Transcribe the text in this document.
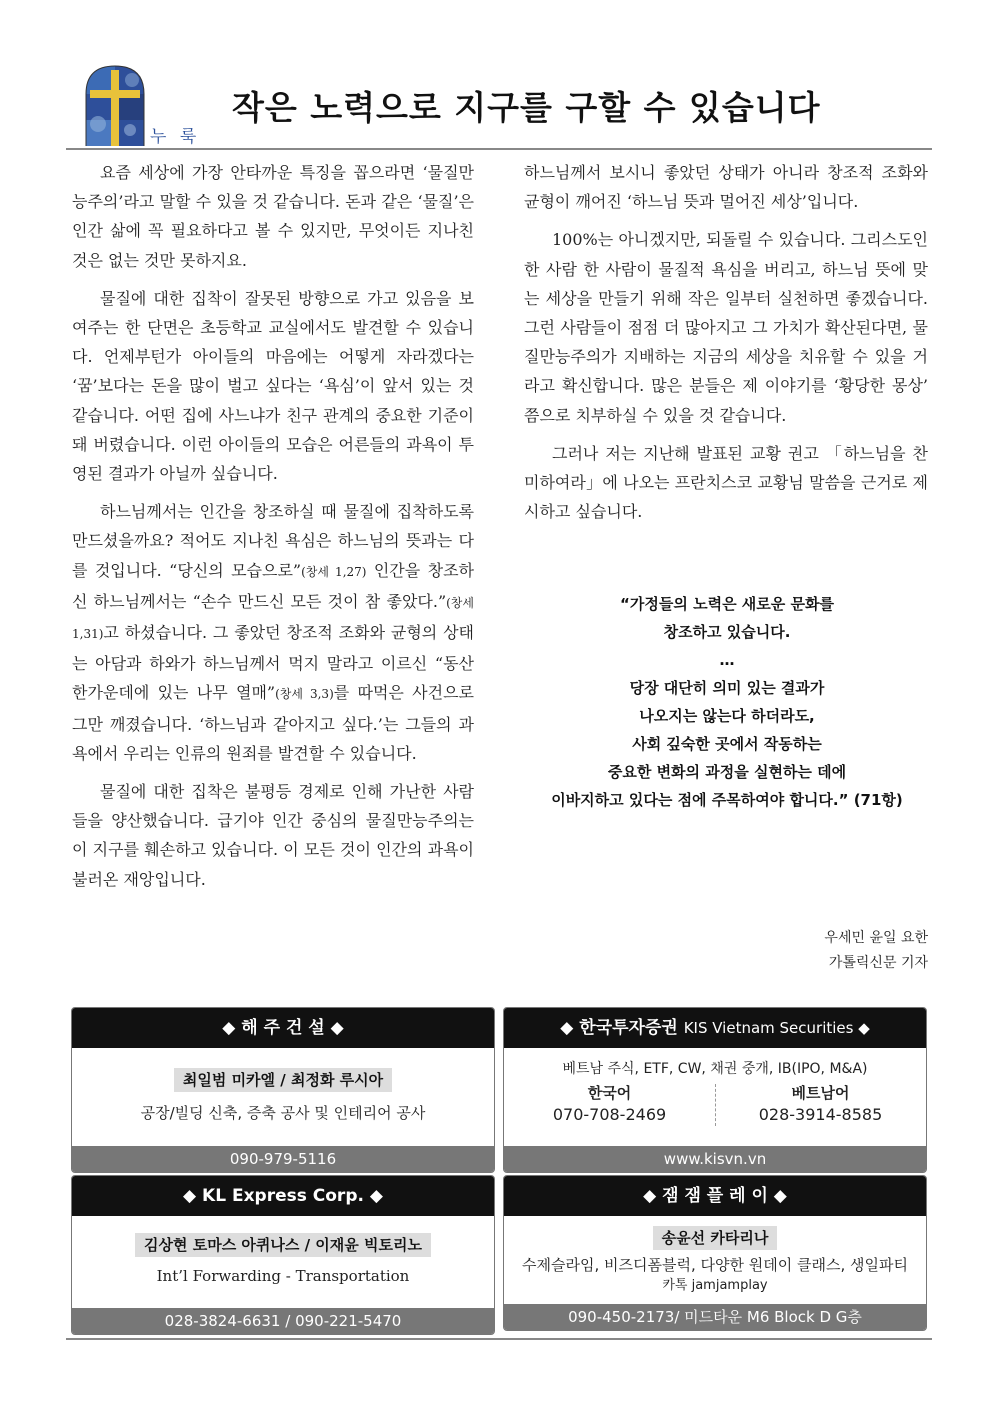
누 룩
작은 노력으로 지구를 구할 수 있습니다

요즘 세상에 가장 안타까운 특징을 꼽으라면 ‘물질만능주의’라고 말할 수 있을 것 같습니다. 돈과 같은 ‘물질’은 인간 삶에 꼭 필요하다고 볼 수 있지만, 무엇이든 지나친 것은 없는 것만 못하지요.

물질에 대한 집착이 잘못된 방향으로 가고 있음을 보여주는 한 단면은 초등학교 교실에서도 발견할 수 있습니다. 언제부턴가 아이들의 마음에는 어떻게 자라겠다는 ‘꿈’보다는 돈을 많이 벌고 싶다는 ‘욕심’이 앞서 있는 것 같습니다. 어떤 집에 사느냐가 친구 관계의 중요한 기준이 돼 버렸습니다. 이런 아이들의 모습은 어른들의 과욕이 투영된 결과가 아닐까 싶습니다.

하느님께서는 인간을 창조하실 때 물질에 집착하도록 만드셨을까요? 적어도 지나친 욕심은 하느님의 뜻과는 다를 것입니다. “당신의 모습으로”(창세 1,27) 인간을 창조하신 하느님께서는 “손수 만드신 모든 것이 참 좋았다.”(창세 1,31)고 하셨습니다. 그 좋았던 창조적 조화와 균형의 상태는 아담과 하와가 하느님께서 먹지 말라고 이르신 “동산 한가운데에 있는 나무 열매”(창세 3,3)를 따먹은 사건으로 그만 깨졌습니다. ‘하느님과 같아지고 싶다.’는 그들의 과욕에서 우리는 인류의 원죄를 발견할 수 있습니다.

물질에 대한 집착은 불평등 경제로 인해 가난한 사람들을 양산했습니다. 급기야 인간 중심의 물질만능주의는 이 지구를 훼손하고 있습니다. 이 모든 것이 인간의 과욕이 불러온 재앙입니다.

하느님께서 보시니 좋았던 상태가 아니라 창조적 조화와 균형이 깨어진 ‘하느님 뜻과 멀어진 세상’입니다.

100%는 아니겠지만, 되돌릴 수 있습니다. 그리스도인 한 사람 한 사람이 물질적 욕심을 버리고, 하느님 뜻에 맞는 세상을 만들기 위해 작은 일부터 실천하면 좋겠습니다. 그런 사람들이 점점 더 많아지고 그 가치가 확산된다면, 물질만능주의가 지배하는 지금의 세상을 치유할 수 있을 거라고 확신합니다. 많은 분들은 제 이야기를 ‘황당한 몽상’ 쯤으로 치부하실 수 있을 것 같습니다.

그러나 저는 지난해 발표된 교황 권고 「하느님을 찬미하여라」에 나오는 프란치스코 교황님 말씀을 근거로 제시하고 싶습니다.

“가정들의 노력은 새로운 문화를
창조하고 있습니다.
…
당장 대단히 의미 있는 결과가
나오지는 않는다 하더라도,
사회 깊숙한 곳에서 작동하는
중요한 변화의 과정을 실현하는 데에
이바지하고 있다는 점에 주목하여야 합니다.” (71항)
우세민 윤일 요한
가톨릭신문 기자
◆ 해 주 건 설 ◆
최일범 미카엘 / 최정화 루시아
공장/빌딩 신축, 증축 공사 및 인테리어 공사
090-979-5116
◆ 한국투자증권 KIS Vietnam Securities ◆
베트남 주식, ETF, CW, 채권 중개, IB(IPO, M&A)
한국어
070-708-2469
베트남어
028-3914-8585
www.kisvn.vn
◆ KL Express Corp. ◆
김상현 토마스 아퀴나스 / 이재윤 빅토리노
Int’l Forwarding - Transportation
028-3824-6631 / 090-221-5470
◆ 잼 잼 플 레 이 ◆
송윤선 카타리나
수제슬라임, 비즈디폼블럭, 다양한 원데이 클래스, 생일파티
카톡 jamjamplay
090-450-2173/ 미드타운 M6 Block D G층
